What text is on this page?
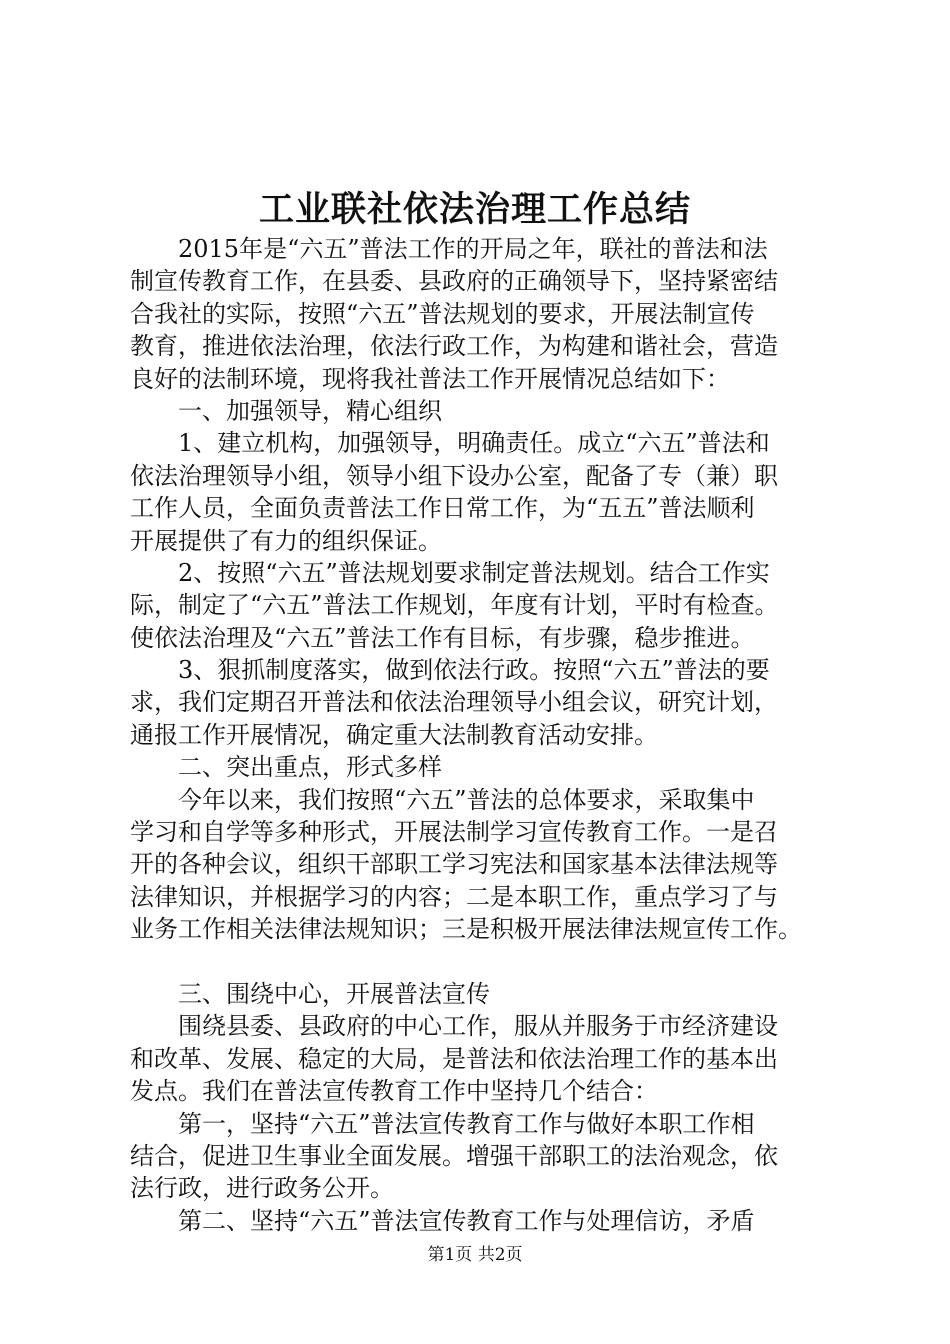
工业联社依法治理工作总结
2015年是“六五”普法工作的开局之年，联社的普法和法
制宣传教育工作，在县委、县政府的正确领导下，坚持紧密结
合我社的实际，按照“六五”普法规划的要求，开展法制宣传
教育，推进依法治理，依法行政工作，为构建和谐社会，营造
良好的法制环境，现将我社普法工作开展情况总结如下：
一、加强领导，精心组织
1、建立机构，加强领导，明确责任。成立“六五”普法和
依法治理领导小组，领导小组下设办公室，配备了专（兼）职
工作人员，全面负责普法工作日常工作，为“五五”普法顺利
开展提供了有力的组织保证。
2、按照“六五”普法规划要求制定普法规划。结合工作实
际，制定了“六五”普法工作规划，年度有计划，平时有检查。
使依法治理及“六五”普法工作有目标，有步骤，稳步推进。
3、狠抓制度落实，做到依法行政。按照“六五”普法的要
求，我们定期召开普法和依法治理领导小组会议，研究计划，
通报工作开展情况，确定重大法制教育活动安排。
二、突出重点，形式多样
今年以来，我们按照“六五”普法的总体要求，采取集中
学习和自学等多种形式，开展法制学习宣传教育工作。一是召
开的各种会议，组织干部职工学习宪法和国家基本法律法规等
法律知识，并根据学习的内容；二是本职工作，重点学习了与
业务工作相关法律法规知识；三是积极开展法律法规宣传工作。
三、围绕中心，开展普法宣传
围绕县委、县政府的中心工作，服从并服务于市经济建设
和改革、发展、稳定的大局，是普法和依法治理工作的基本出
发点。我们在普法宣传教育工作中坚持几个结合：
第一，坚持“六五”普法宣传教育工作与做好本职工作相
结合，促进卫生事业全面发展。增强干部职工的法治观念，依
法行政，进行政务公开。
第二、坚持“六五”普法宣传教育工作与处理信访，矛盾
第1页 共2页
